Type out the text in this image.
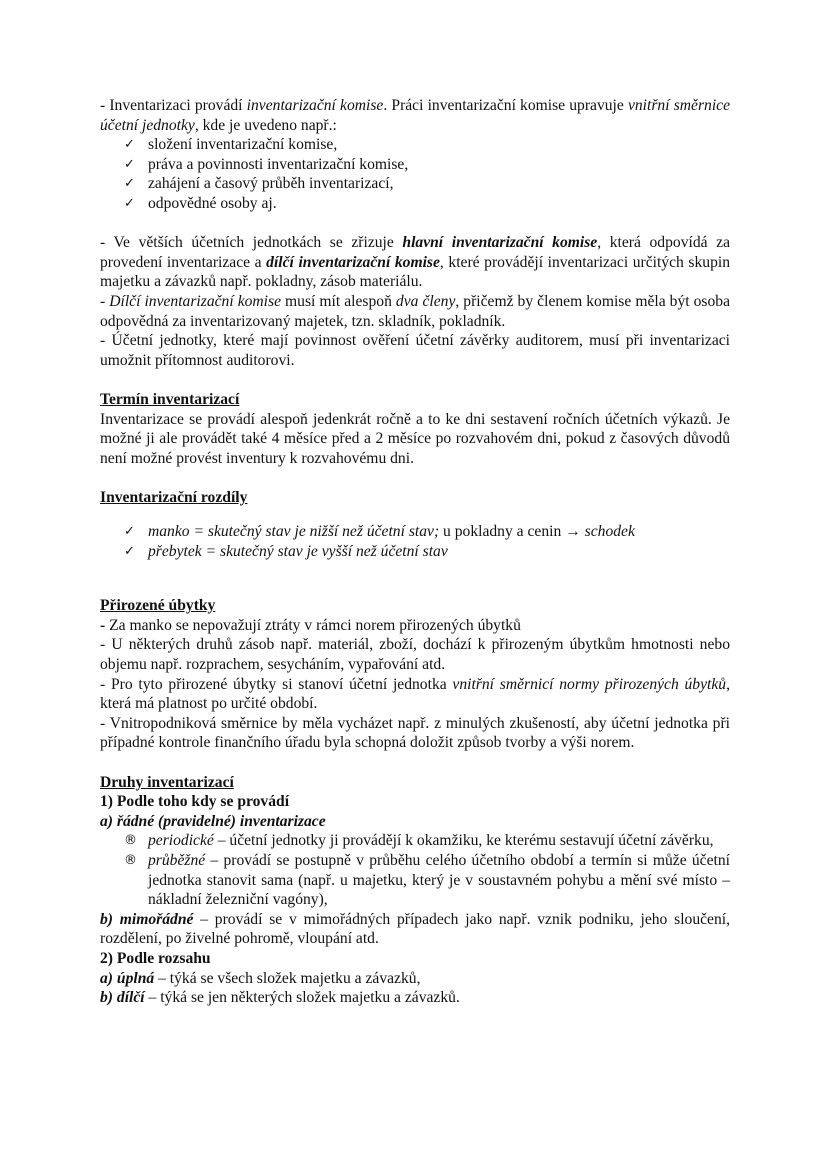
- Inventarizaci provádí inventarizační komise. Práci inventarizační komise upravuje vnitřní směrnice účetní jednotky, kde je uvedeno např.:

✓ složení inventarizační komise,
✓ práva a povinnosti inventarizační komise,
✓ zahájení a časový průběh inventarizací,
✓ odpovědné osoby aj.

- Ve větších účetních jednotkách se zřizuje hlavní inventarizační komise, která odpovídá za provedení inventarizace a dílčí inventarizační komise, které provádějí inventarizaci určitých skupin majetku a závazků např. pokladny, zásob materiálu.

- Dílčí inventarizační komise musí mít alespoň dva členy, přičemž by členem komise měla být osoba odpovědná za inventarizovaný majetek, tzn. skladník, pokladník.

- Účetní jednotky, které mají povinnost ověření účetní závěrky auditorem, musí při inventarizaci umožnit přítomnost auditorovi.

Termín inventarizací

Inventarizace se provádí alespoň jedenkrát ročně a to ke dni sestavení ročních účetních výkazů. Je možné ji ale provádět také 4 měsíce před a 2 měsíce po rozvahovém dni, pokud z časových důvodů není možné provést inventury k rozvahovému dni.

Inventarizační rozdíly

✓ manko = skutečný stav je nižší než účetní stav; u pokladny a cenin → schodek
✓ přebytek = skutečný stav je vyšší než účetní stav

Přirozené úbytky

- Za manko se nepovažují ztráty v rámci norem přirozených úbytků

- U některých druhů zásob např. materiál, zboží, dochází k přirozeným úbytkům hmotnosti nebo objemu např. rozprachem, sesycháním, vypařování atd.

- Pro tyto přirozené úbytky si stanoví účetní jednotka vnitřní směrnicí normy přirozených úbytků, která má platnost po určité období.

- Vnitropodniková směrnice by měla vycházet např. z minulých zkušeností, aby účetní jednotka při případné kontrole finančního úřadu byla schopná doložit způsob tvorby a výši norem.

Druhy inventarizací

1) Podle toho kdy se provádí

a) řádné (pravidelné) inventarizace

® periodické – účetní jednotky ji provádějí k okamžiku, ke kterému sestavují účetní závěrku,
® průběžné – provádí se postupně v průběhu celého účetního období a termín si může účetní jednotka stanovit sama (např. u majetku, který je v soustavném pohybu a mění své místo – nákladní železniční vagóny),

b) mimořádné – provádí se v mimořádných případech jako např. vznik podniku, jeho sloučení, rozdělení, po živelné pohromě, vloupání atd.

2) Podle rozsahu

a) úplná – týká se všech složek majetku a závazků,

b) dílčí – týká se jen některých složek majetku a závazků.
